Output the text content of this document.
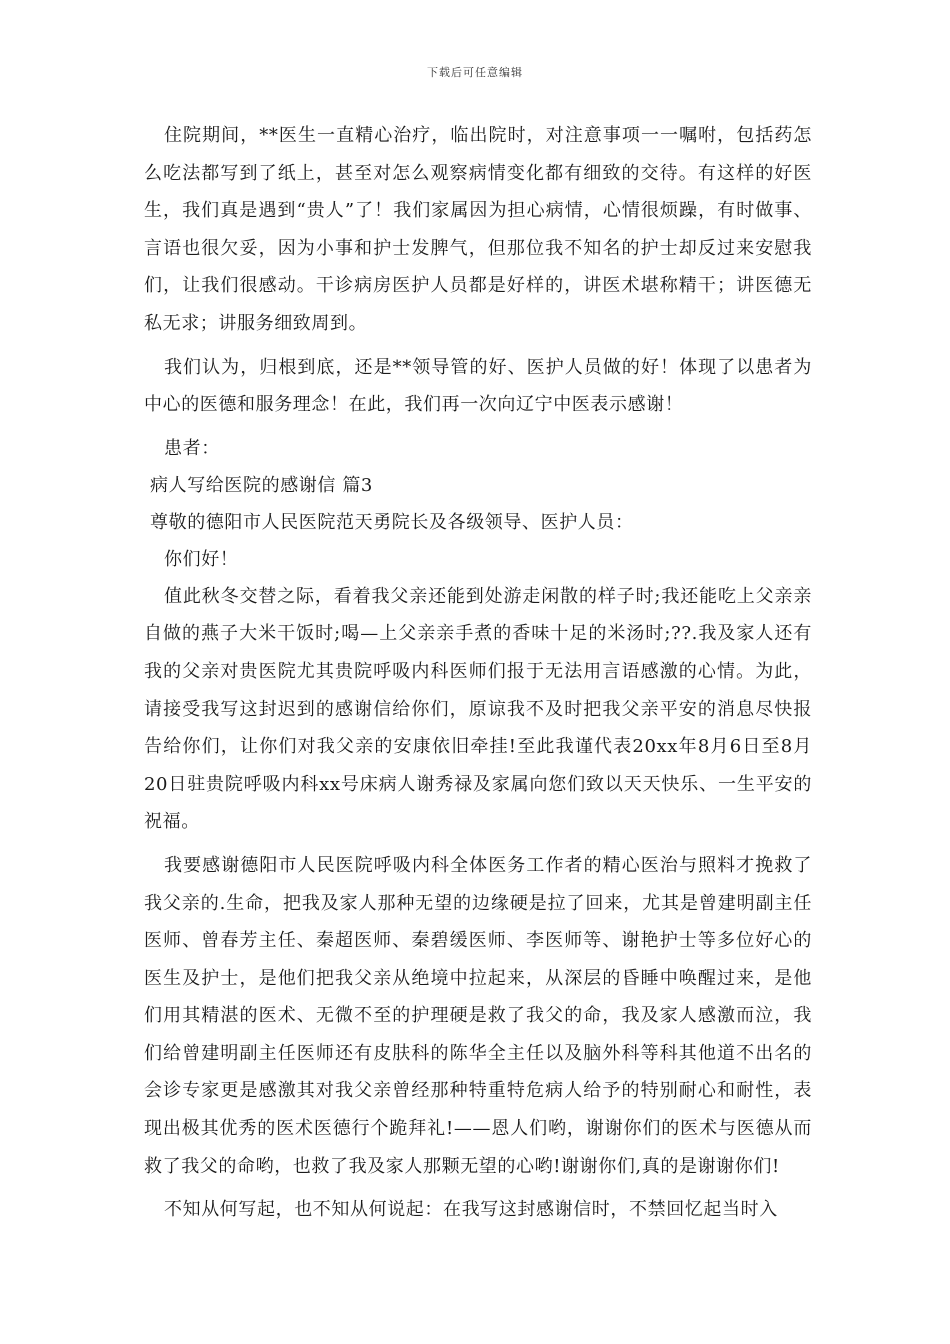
下载后可任意编辑

住院期间，**医生一直精心治疗，临出院时，对注意事项一一嘱咐，包括药怎么吃法都写到了纸上，甚至对怎么观察病情变化都有细致的交待。有这样的好医生，我们真是遇到“贵人”了！我们家属因为担心病情，心情很烦躁，有时做事、言语也很欠妥，因为小事和护士发脾气，但那位我不知名的护士却反过来安慰我们，让我们很感动。干诊病房医护人员都是好样的，讲医术堪称精干；讲医德无私无求；讲服务细致周到。

我们认为，归根到底，还是**领导管的好、医护人员做的好！体现了以患者为中心的医德和服务理念！在此，我们再一次向辽宁中医表示感谢！

患者：

病人写给医院的感谢信 篇3

尊敬的德阳市人民医院范天勇院长及各级领导、医护人员：

你们好！

值此秋冬交替之际，看着我父亲还能到处游走闲散的样子时;我还能吃上父亲亲自做的燕子大米干饭时;喝—上父亲亲手煮的香味十足的米汤时;??.我及家人还有我的父亲对贵医院尤其贵院呼吸内科医师们报于无法用言语感激的心情。为此，请接受我写这封迟到的感谢信给你们，原谅我不及时把我父亲平安的消息尽快报告给你们，让你们对我父亲的安康依旧牵挂!至此我谨代表20xx年8月6日至8月20日驻贵院呼吸内科xx号床病人谢秀禄及家属向您们致以天天快乐、一生平安的祝福。

我要感谢德阳市人民医院呼吸内科全体医务工作者的精心医治与照料才挽救了我父亲的.生命，把我及家人那种无望的边缘硬是拉了回来，尤其是曾建明副主任医师、曾春芳主任、秦超医师、秦碧缓医师、李医师等、谢艳护士等多位好心的医生及护士，是他们把我父亲从绝境中拉起来，从深层的昏睡中唤醒过来，是他们用其精湛的医术、无微不至的护理硬是救了我父的命，我及家人感激而泣，我们给曾建明副主任医师还有皮肤科的陈华全主任以及脑外科等科其他道不出名的会诊专家更是感激其对我父亲曾经那种特重特危病人给予的特别耐心和耐性，表现出极其优秀的医术医德行个跪拜礼!——恩人们哟，谢谢你们的医术与医德从而救了我父的命哟，也救了我及家人那颗无望的心哟!谢谢你们,真的是谢谢你们!

不知从何写起，也不知从何说起：在我写这封感谢信时，不禁回忆起当时入
